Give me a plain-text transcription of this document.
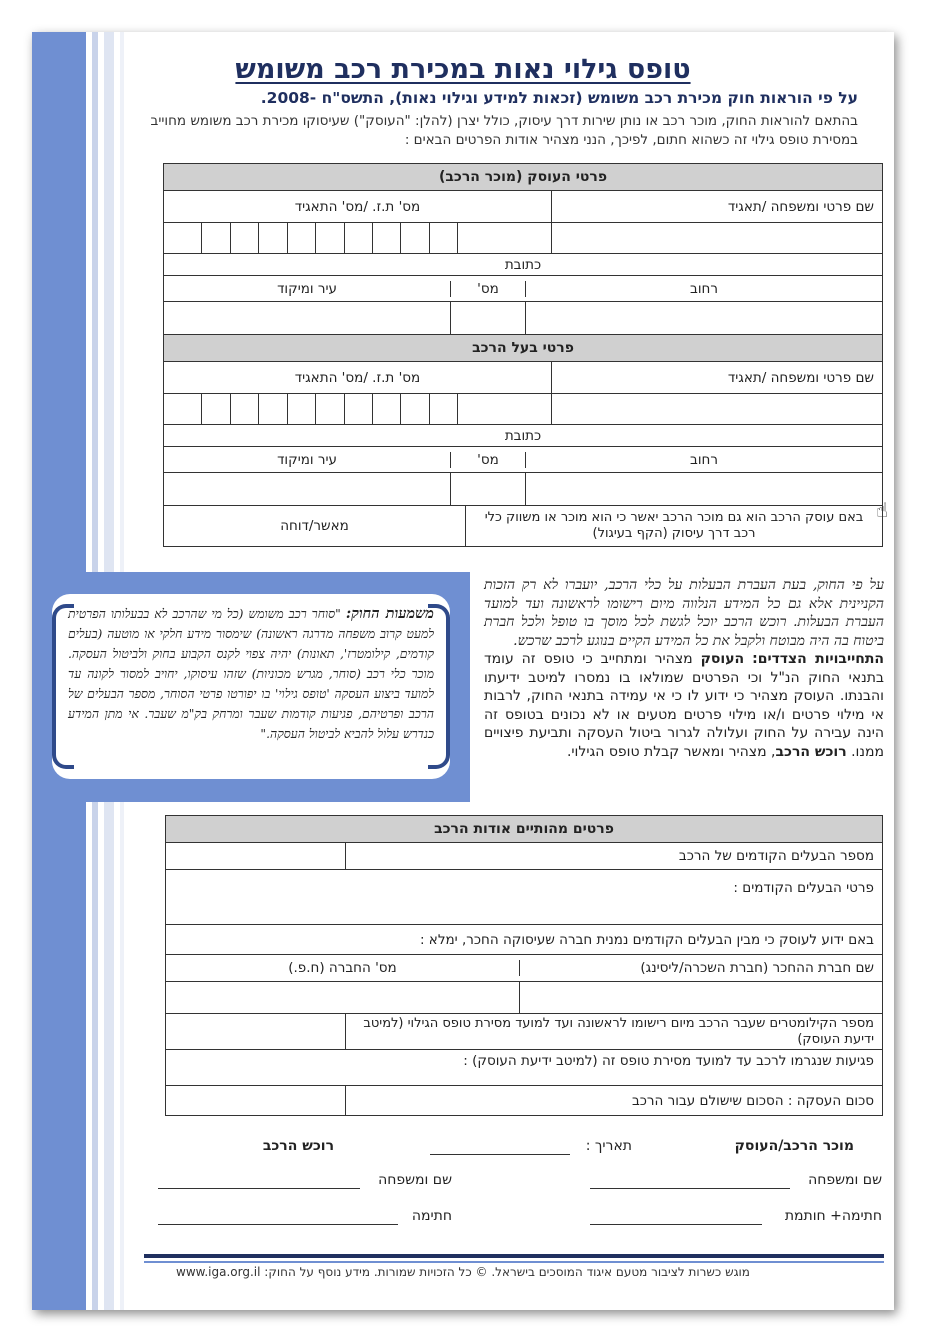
טופס גילוי נאות במכירת רכב משומש
על פי הוראות חוק מכירת רכב משומש (זכאות למידע וגילוי נאות), התשס"ח -2008.
בהתאם להוראות החוק, מוכר רכב או נותן שירות דרך עיסוק, כולל יצרן (להלן: "העוסק") שעיסוקו מכירת רכב משומש מחוייב במסירת טופס גילוי זה כשהוא חתום, לפיכך, הנני מצהיר אודות הפרטים הבאים :
פרטי העוסק (מוכר הרכב)
שם פרטי ומשפחה /תאגיד	מס' ת.ז. /מס' התאגיד

כתובת

רחוב	מס'	עיר ומיקוד

פרטי בעל הרכב
שם פרטי ומשפחה /תאגיד	מס' ת.ז. /מס' התאגיד

כתובת

רחוב	מס'	עיר ומיקוד

באם עוסק הרכב הוא גם מוכר הרכב יאשר כי הוא מוכר או משווק כלי רכב דרך עיסוק (הקף בעיגול)	מאשר/דוחה
משמעות החוק: "סוחר רכב משומש (כל מי שהרכב לא בבעלותו הפרטית למעט קרוב משפחה מדרגה ראשונה) שימסור מידע חלקי או מוטעה (בעלים קודמים, קילומטרז', תאונות) יהיה צפוי לקנס הקבוע בחוק ולביטול העסקה. מוכר כלי רכב (סוחר, מגרש מכוניות) שזהו עיסוקו, יחויב למסור לקונה עד למועד ביצוע העסקה 'טופס גילוי' בו יפורטו פרטי הסוחר, מספר הבעלים של הרכב ופרטיהם, פגיעות קודמות שעבר ומרחק בק"מ שעבר. אי מתן המידע כנדרש עלול להביא לביטול העסקה."
על פי החוק, בעת העברת הבעלות על כלי הרכב, יועברו לא רק הזכות הקניינית אלא גם כל המידע הנלווה מיום רישומו לראשונה ועד למועד העברת הבעלות. רוכש הרכב יוכל לגשת לכל מוסך בו טופל ולכל חברת ביטוח בה היה מבוטח ולקבל את כל המידע הקיים בנוגע לרכב שרכש.
התחייבויות הצדדים: העוסק מצהיר ומתחייב כי טופס זה עומד בתנאי החוק הנ"ל וכי הפרטים שמולאו בו נמסרו למיטב ידיעתו והבנתו. העוסק מצהיר כי ידוע לו כי אי עמידה בתנאי החוק, לרבות אי מילוי פרטים ו/או מילוי פרטים מטעים או לא נכונים בטופס זה הינה עבירה על החוק ועלולה לגרור ביטול העסקה ותביעת פיצויים ממנו. רוכש הרכב, מצהיר ומאשר קבלת טופס הגילוי.
פרטים מהותיים אודות הרכב
מספר הבעלים הקודמים של הרכב	
פרטי הבעלים הקודמים :
באם ידוע לעוסק כי מבין הבעלים הקודמים נמנית חברה שעיסוקה החכר, ימלא :

שם חברת ההחכר (חברת השכרה/ליסינג)	מס' החברה (ח.פ.)

מספר הקילומטרים שעבר הרכב מיום רישומו לראשונה ועד למועד מסירת טופס הגילוי (למיטב ידיעת העוסק)	
פגיעות שנגרמו לרכב עד למועד מסירת טופס זה (למיטב ידיעת העוסק) :
סכום העסקה : הסכום שישולם עבור הרכב	
מוכר הרכב/העוסק
תאריך :
רוכש הרכב
שם ומשפחה
שם ומשפחה
חתימה+ חותמת
חתימה
מוגש כשרות לציבור מטעם איגוד המוסכים בישראל. © כל הזכויות שמורות. מידע נוסף על החוק: www.iga.org.il
☝
